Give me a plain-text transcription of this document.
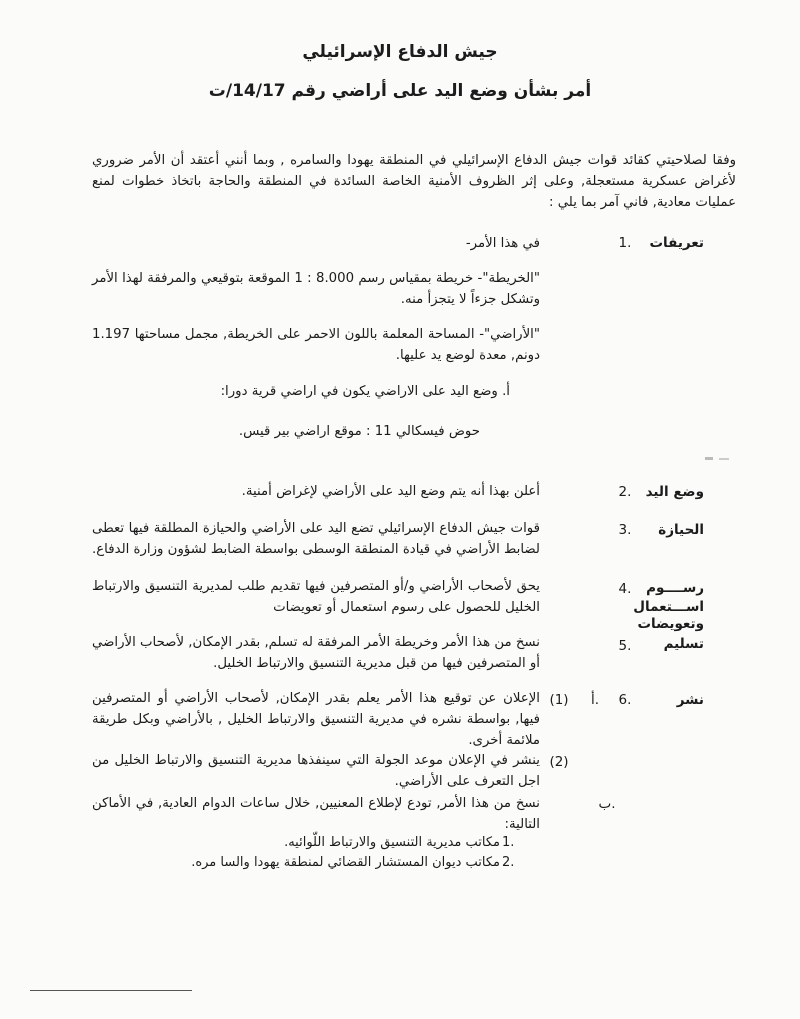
جيش الدفاع الإسرائيلي
أمر بشأن وضع اليد على أراضي رقم 14/17/ت
وفقا لصلاحيتي كقائد قوات جيش الدفاع الإسرائيلي في المنطقة يهودا والسامره , وبما أنني أعتقد أن الأمر ضروري لأغراض عسكرية مستعجلة, وعلى إثر الظروف الأمنية الخاصة السائدة في المنطقة والحاجة باتخاذ خطوات لمنع عمليات معادية, فاني آمر بما يلي :
تعريفات
1.
في هذا الأمر-
"الخريطة"- خريطة بمقياس رسم 8.000 : 1 الموقعة بتوقيعي والمرفقة لهذا الأمر وتشكل جزءاً لا يتجزأ منه.
"الأراضي"- المساحة المعلمة باللون الاحمر على الخريطة, مجمل مساحتها 1.197 دونم, معدة لوضع يد عليها.
أ. وضع اليد على الاراضي يكون في اراضي قرية دورا:
حوض فيسكالي 11 : موقع اراضي بير قيس.
وضع اليد
2.
أعلن بهذا أنه يتم وضع اليد على الأراضي لإغراض أمنية.
الحيازة
3.
قوات جيش الدفاع الإسرائيلي تضع اليد على الأراضي والحيازة المطلقة فيها تعطى لضابط الأراضي في قيادة المنطقة الوسطى بواسطة الضابط لشؤون وزارة الدفاع.
رســــوم
اســـتعمال
وتعويضات
4.
يحق لأصحاب الأراضي و/أو المتصرفين فيها تقديم طلب لمديرية التنسيق والارتباط الخليل للحصول على رسوم استعمال أو تعويضات
تسليم
5.
نسخ من هذا الأمر وخريطة الأمر المرفقة له تسلم, بقدر الإمكان, لأصحاب الأراضي أو المتصرفين فيها من قبل مديرية التنسيق والارتباط الخليل.
نشر
6.
أ.
(1)
الإعلان عن توقيع هذا الأمر يعلم بقدر الإمكان, لأصحاب الأراضي أو المتصرفين فيها, بواسطة نشره في مديرية التنسيق والارتباط الخليل , بالأراضي وبكل طريقة ملائمة أخرى.
(2)
ينشر في الإعلان موعد الجولة التي سينفذها مديرية التنسيق والارتباط الخليل من اجل التعرف على الأراضي.
ب.
نسخ من هذا الأمر, تودع لإطلاع المعنيين, خلال ساعات الدوام العادية, في الأماكن التالية:
مكاتب مديرية التنسيق والارتباط اللّوائيه. 1.
مكاتب ديوان المستشار القضائي لمنطقة يهودا والسا مره. 2.
